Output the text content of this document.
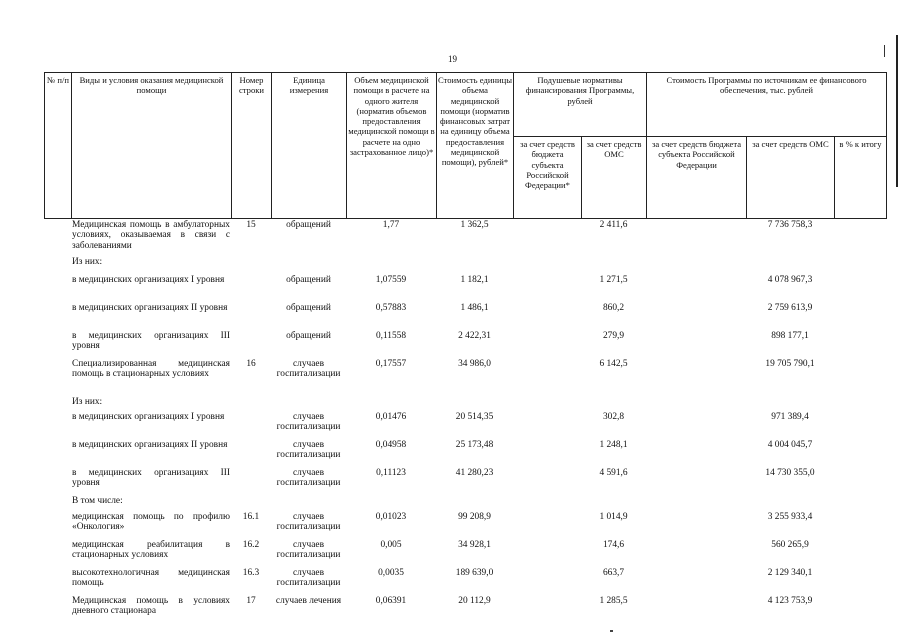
19
№ п/п	Виды и условия оказания медицинской помощи	Номер строки	Единица измерения	Объем медицинской помощи в расчете на одного жителя (норматив объемов предоставления медицинской помощи в расчете на одно застрахованное лицо)*	Стоимость единицы объема медицинской помощи (норматив финансовых затрат на единицу объема предоставления медицинской помощи), рублей*	Подушевые нормативы финансирования Программы, рублей		Стоимость Программы по источникам ее финансового обеспечения, тыс. рублей		
						за счет средств бюджета субъекта Российской Федерации*	за счет средств ОМС	за счет средств бюджета субъекта Российской Федерации	за счет средств ОМС	в % к итогу
	Медицинская помощь в амбулаторных условиях, оказываемая в связи с заболеваниями	15	обращений	1,77	1 362,5		2 411,6		7 736 758,3	
	Из них:									
	в медицинских организациях I уровня		обращений	1,07559	1 182,1		1 271,5		4 078 967,3	
	в медицинских организациях II уровня		обращений	0,57883	1 486,1		860,2		2 759 613,9	
	в медицинских организациях III уровня		обращений	0,11558	2 422,31		279,9		898 177,1	
	Специализированная медицинская помощь в стационарных условиях	16	случаев госпитализации	0,17557	34 986,0		6 142,5		19 705 790,1	
	Из них:									
	в медицинских организациях I уровня		случаев госпитализации	0,01476	20 514,35		302,8		971 389,4	
	в медицинских организациях II уровня		случаев госпитализации	0,04958	25 173,48		1 248,1		4 004 045,7	
	в медицинских организациях III уровня		случаев госпитализации	0,11123	41 280,23		4 591,6		14 730 355,0	
	В том числе:									
	медицинская помощь по профилю «Онкология»	16.1	случаев госпитализации	0,01023	99 208,9		1 014,9		3 255 933,4	
	медицинская реабилитация в стационарных условиях	16.2	случаев госпитализации	0,005	34 928,1		174,6		560 265,9	
	высокотехнологичная медицинская помощь	16.3	случаев госпитализации	0,0035	189 639,0		663,7		2 129 340,1	
	Медицинская помощь в условиях дневного стационара	17	случаев лечения	0,06391	20 112,9		1 285,5		4 123 753,9	
